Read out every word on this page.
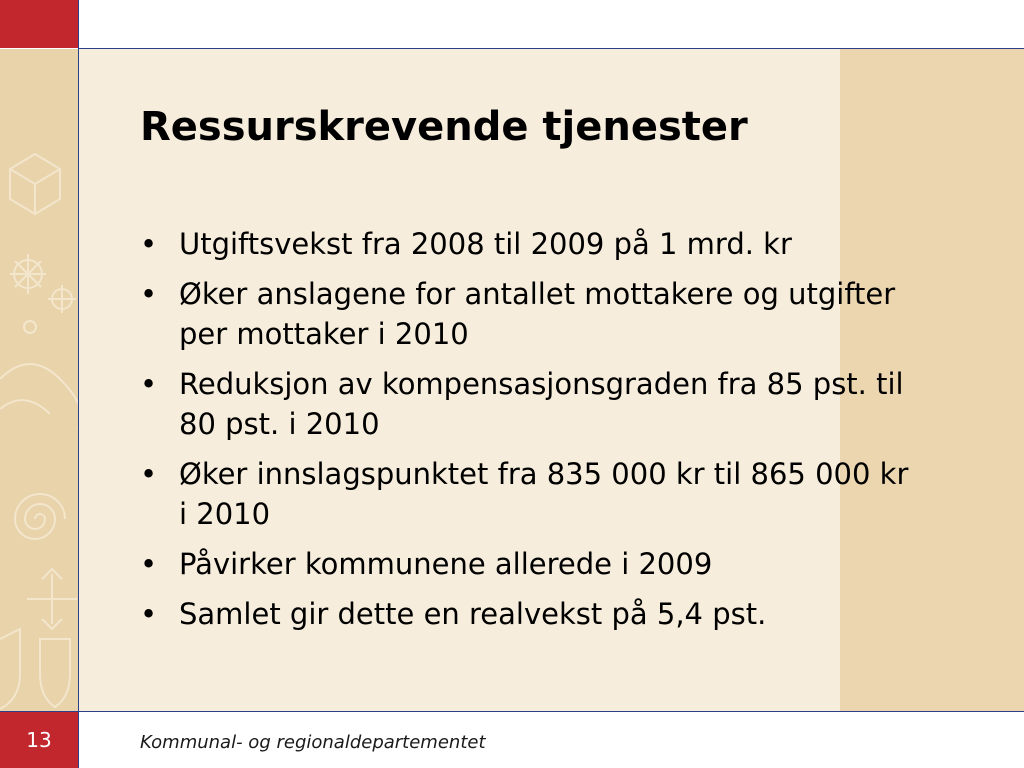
Ressurskrevende tjenester
• Utgiftsvekst fra 2008 til 2009 på 1 mrd. kr
• Øker anslagene for antallet mottakere og utgifter per mottaker i 2010
• Reduksjon av kompensasjonsgraden fra 85 pst. til 80 pst. i 2010
• Øker innslagspunktet fra 835 000 kr til 865 000 kr i 2010
• Påvirker kommunene allerede i 2009
• Samlet gir dette en realvekst på 5,4 pst.
13	Kommunal- og regionaldepartementet
